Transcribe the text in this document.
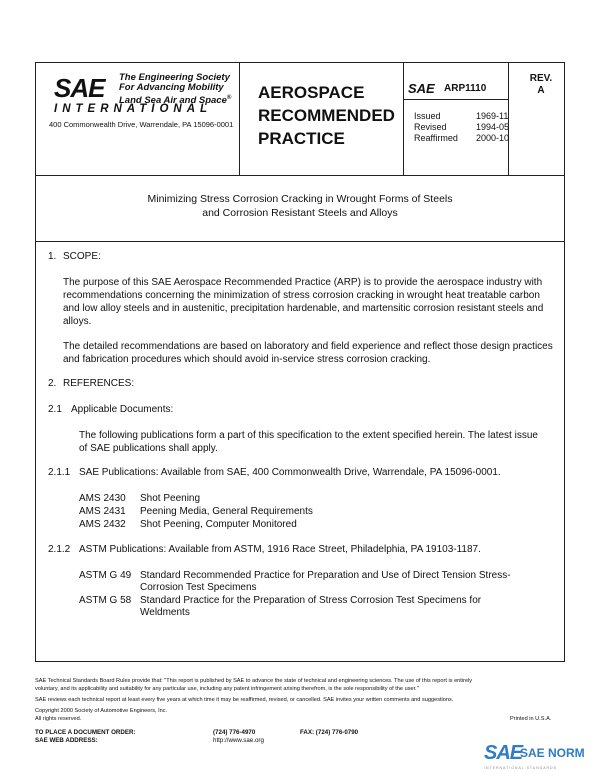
SAE The Engineering Society
For Advancing Mobility
Land Sea Air and Space®
INTERNATIONAL
400 Commonwealth Drive, Warrendale, PA 15096-0001
AEROSPACE
RECOMMENDED
PRACTICE
SAE ARP1110
Issued	1969-11
Revised	1994-05
Reaffirmed 2000-10
REV.
A
Minimizing Stress Corrosion Cracking in Wrought Forms of Steels
and Corrosion Resistant Steels and Alloys
1. SCOPE:
The purpose of this SAE Aerospace Recommended Practice (ARP) is to provide the aerospace industry with recommendations concerning the minimization of stress corrosion cracking in wrought heat treatable carbon and low alloy steels and in austenitic, precipitation hardenable, and martensitic corrosion resistant steels and alloys.
The detailed recommendations are based on laboratory and field experience and reflect those design practices and fabrication procedures which should avoid in-service stress corrosion cracking.
2. REFERENCES:
2.1 Applicable Documents:
The following publications form a part of this specification to the extent specified herein. The latest issue of SAE publications shall apply.
2.1.1 SAE Publications: Available from SAE, 400 Commonwealth Drive, Warrendale, PA 15096-0001.
AMS 2430 Shot Peening
AMS 2431 Peening Media, General Requirements
AMS 2432 Shot Peening, Computer Monitored
2.1.2 ASTM Publications: Available from ASTM, 1916 Race Street, Philadelphia, PA 19103-1187.
ASTM G 49 Standard Recommended Practice for Preparation and Use of Direct Tension Stress-
Corrosion Test Specimens
ASTM G 58 Standard Practice for the Preparation of Stress Corrosion Test Specimens for
Weldments
SAE Technical Standards Board Rules provide that: "This report is published by SAE to advance the state of technical and engineering sciences. The use of this report is entirely
voluntary, and its applicability and suitability for any particular use, including any patent infringement arising therefrom, is the sole responsibility of the user."
SAE reviews each technical report at least every five years at which time it may be reaffirmed, revised, or cancelled. SAE invites your written comments and suggestions.
Copyright 2000 Society of Automotive Engineers, Inc.
All rights reserved.	Printed in U.S.A.
TO PLACE A DOCUMENT ORDER:	(724) 776-4970	FAX: (724) 776-0790
SAE WEB ADDRESS:	http://www.sae.org
SAE
SAE NORM
INTERNATIONAL STANDARDS
